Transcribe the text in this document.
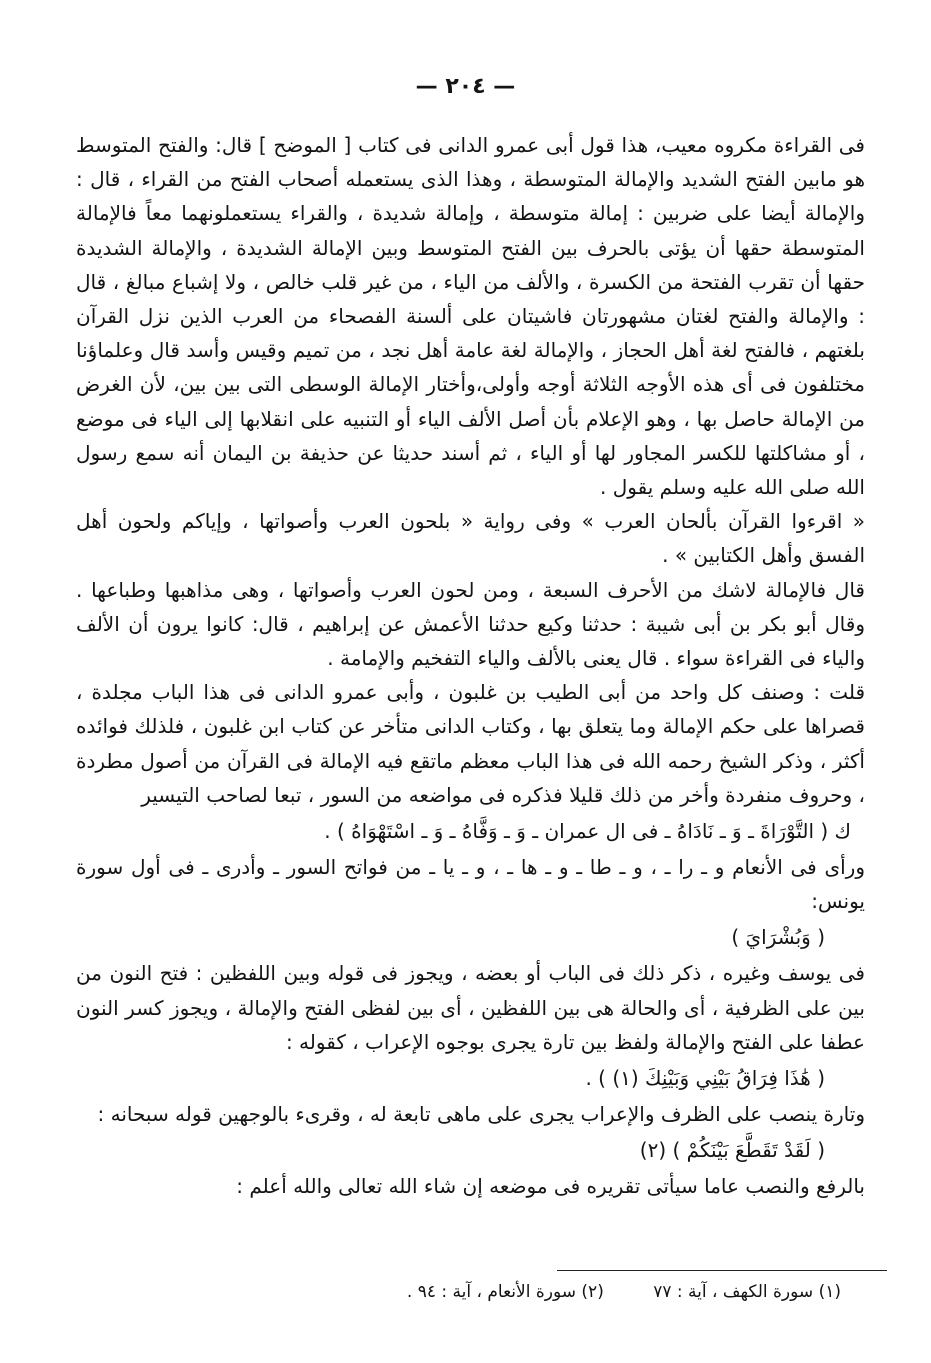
— ٢٠٤ —

فى القراءة مكروه معيب، هذا قول أبى عمرو الدانى فى كتاب [ الموضح ] قال: والفتح المتوسط هو مابين الفتح الشديد والإمالة المتوسطة ، وهذا الذى يستعمله أصحاب الفتح من القراء ، قال : والإمالة أيضا على ضربين : إمالة متوسطة ، وإمالة شديدة ، والقراء يستعملونهما معاً فالإمالة المتوسطة حقها أن يؤتى بالحرف بين الفتح المتوسط وبين الإمالة الشديدة ، والإمالة الشديدة حقها أن تقرب الفتحة من الكسرة ، والألف من الياء ، من غير قلب خالص ، ولا إشباع مبالغ ، قال : والإمالة والفتح لغتان مشهورتان فاشيتان على ألسنة الفصحاء من العرب الذين نزل القرآن بلغتهم ، فالفتح لغة أهل الحجاز ، والإمالة لغة عامة أهل نجد ، من تميم وقيس وأسد قال وعلماؤنا مختلفون فى أى هذه الأوجه الثلاثة أوجه وأولى،وأختار الإمالة الوسطى التى بين بين، لأن الغرض من الإمالة حاصل بها ، وهو الإعلام بأن أصل الألف الياء أو التنبيه على انقلابها إلى الياء فى موضع ، أو مشاكلتها للكسر المجاور لها أو الياء ، ثم أسند حديثا عن حذيفة بن اليمان أنه سمع رسول الله صلى الله عليه وسلم يقول .

« اقرءوا القرآن بألحان العرب » وفى رواية « بلحون العرب وأصواتها ، وإياكم ولحون أهل الفسق وأهل الكتابين » .

قال فالإمالة لاشك من الأحرف السبعة ، ومن لحون العرب وأصواتها ، وهى مذاهبها وطباعها . وقال أبو بكر بن أبى شيبة : حدثنا وكيع حدثنا الأعمش عن إبراهيم ، قال: كانوا يرون أن الألف والياء فى القراءة سواء . قال يعنى بالألف والياء التفخيم والإمامة .

قلت : وصنف كل واحد من أبى الطيب بن غلبون ، وأبى عمرو الدانى فى هذا الباب مجلدة ، قصراها على حكم الإمالة وما يتعلق بها ، وكتاب الدانى متأخر عن كتاب ابن غلبون ، فلذلك فوائده أكثر ، وذكر الشيخ رحمه الله فى هذا الباب معظم ماتقع فيه الإمالة فى القرآن من أصول مطردة ، وحروف منفردة وأخر من ذلك قليلا فذكره فى مواضعه من السور ، تبعا لصاحب التيسير

ك ( التَّوْرَاةَ ـ وَ ـ نَادَاهُ ـ فى ال عمران ـ وَ ـ وَفَّاهُ ـ وَ ـ اسْتَهْوَاهُ ) .

ورأى فى الأنعام و ـ را ـ ، و ـ طا ـ و ـ ها ـ ، و ـ يا ـ من فواتح السور ـ وأدرى ـ فى أول سورة يونس:

( وَبُشْرَايَ )

فى يوسف وغيره ، ذكر ذلك فى الباب أو بعضه ، ويجوز فى قوله وبين اللفظين : فتح النون من بين على الظرفية ، أى والحالة هى بين اللفظين ، أى بين لفظى الفتح والإمالة ، ويجوز كسر النون عطفا على الفتح والإمالة ولفظ بين تارة يجرى بوجوه الإعراب ، كقوله :

( هَٰذَا فِرَاقُ بَيْنِي وَبَيْنِكَ (١) ) .

وتارة ينصب على الظرف والإعراب يجرى على ماهى تابعة له ، وقرىء بالوجهين قوله سبحانه :

( لَقَدْ تَقَطَّعَ بَيْنَكُمْ ) (٢)

بالرفع والنصب عاما سيأتى تقريره فى موضعه إن شاء الله تعالى والله أعلم :

(١) سورة الكهف ، آية : ٧٧ (٢) سورة الأنعام ، آية : ٩٤ .
